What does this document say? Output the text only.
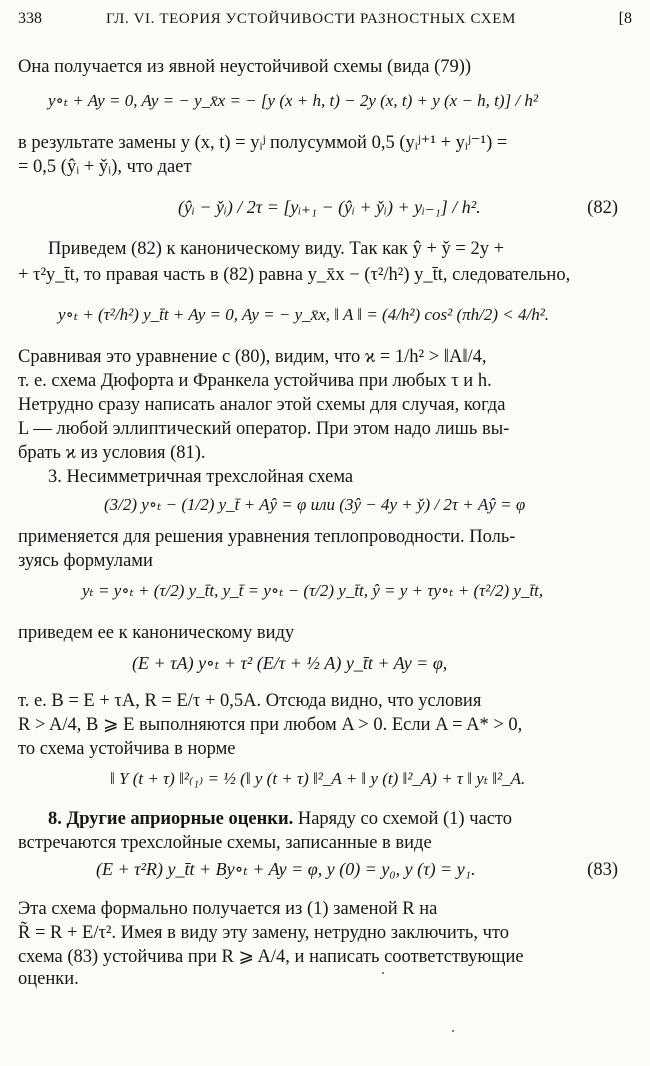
338	ГЛ. VI. ТЕОРИЯ УСТОЙЧИВОСТИ РАЗНОСТНЫХ СХЕМ	[8
Она получается из явной неустойчивой схемы (вида (79))
y∘ₜ + Ay = 0, Ay = − y_x̄x = − [y (x + h, t) − 2y (x, t) + y (x − h, t)] / h²
в результате замены y (x, t) = yᵢʲ полусуммой 0,5 (yᵢʲ⁺¹ + yᵢʲ⁻¹) =
= 0,5 (ŷᵢ + y̌ᵢ), что дает
(ŷᵢ − y̌ᵢ) / 2τ = [yᵢ₊₁ − (ŷᵢ + y̌ᵢ) + yᵢ₋₁] / h².	(82)
Приведем (82) к каноническому виду. Так как ŷ + y̌ = 2y +
+ τ²y_t̄t, то правая часть в (82) равна y_x̄x − (τ²/h²) y_t̄t, следовательно,
y∘ₜ + (τ²/h²) y_t̄t + Ay = 0, Ay = − y_x̄x, ‖ A ‖ = (4/h²) cos² (πh/2) < 4/h².
Сравнивая это уравнение с (80), видим, что ϰ = 1/h² > ‖A‖/4,
т. е. схема Дюфорта и Франкела устойчива при любых τ и h.
Нетрудно сразу написать аналог этой схемы для случая, когда
L — любой эллиптический оператор. При этом надо лишь вы-
брать ϰ из условия (81).
3. Несимметричная трехслойная схема
(3/2) y∘ₜ − (1/2) y_t̄ + Aŷ = φ или (3ŷ − 4y + y̌) / 2τ + Aŷ = φ
применяется для решения уравнения теплопроводности. Поль-
зуясь формулами
yₜ = y∘ₜ + (τ/2) y_t̄t, y_t̄ = y∘ₜ − (τ/2) y_t̄t, ŷ = y + τy∘ₜ + (τ²/2) y_t̄t,
приведем ее к каноническому виду
(E + τA) y∘ₜ + τ² (E/τ + ½ A) y_t̄t + Ay = φ,
т. е. B = E + τA, R = E/τ + 0,5A. Отсюда видно, что условия
R > A/4, B ⩾ E выполняются при любом A > 0. Если A = A* > 0,
то схема устойчива в норме
‖ Y (t + τ) ‖²₍₁₎ = ½ (‖ y (t + τ) ‖²_A + ‖ y (t) ‖²_A) + τ ‖ yₜ ‖²_A.
8. Другие априорные оценки. Наряду со схемой (1) часто
встречаются трехслойные схемы, записанные в виде
(E + τ²R) y_t̄t + By∘ₜ + Ay = φ, y (0) = y₀, y (τ) = y₁.	(83)
Эта схема формально получается из (1) заменой R на
R̃ = R + E/τ². Имея в виду эту замену, нетрудно заключить, что
схема (83) устойчива при R ⩾ A/4, и написать соответствующие
оценки.
